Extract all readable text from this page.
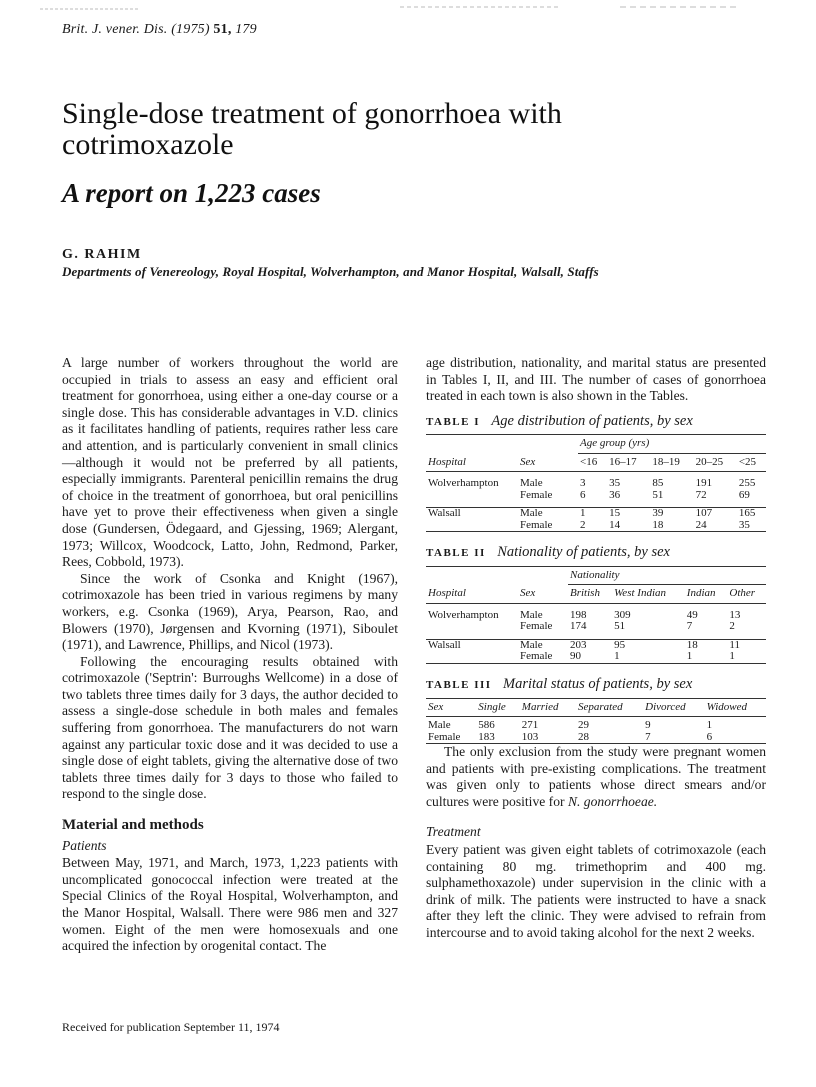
Brit. J. vener. Dis. (1975) 51, 179
Single-dose treatment of gonorrhoea with cotrimoxazole
A report on 1,223 cases
G. RAHIM
Departments of Venereology, Royal Hospital, Wolverhampton, and Manor Hospital, Walsall, Staffs

A large number of workers throughout the world are occupied in trials to assess an easy and efficient oral treatment for gonorrhoea, using either a one-day course or a single dose. This has considerable advantages in V.D. clinics as it facilitates handling of patients, requires rather less care and attention, and is particularly convenient in small clinics—although it would not be preferred by all patients, especially immigrants. Parenteral penicillin remains the drug of choice in the treatment of gonorrhoea, but oral penicillins have yet to prove their effectiveness when given a single dose (Gundersen, Ödegaard, and Gjessing, 1969; Alergant, 1973; Willcox, Woodcock, Latto, John, Redmond, Parker, Rees, Cobbold, 1973).

Since the work of Csonka and Knight (1967), cotrimoxazole has been tried in various regimens by many workers, e.g. Csonka (1969), Arya, Pearson, Rao, and Blowers (1970), Jørgensen and Kvorning (1971), Siboulet (1971), and Lawrence, Phillips, and Nicol (1973).

Following the encouraging results obtained with cotrimoxazole ('Septrin': Burroughs Wellcome) in a dose of two tablets three times daily for 3 days, the author decided to assess a single-dose schedule in both males and females suffering from gonorrhoea. The manufacturers do not warn against any particular toxic dose and it was decided to use a single dose of eight tablets, giving the alternative dose of two tablets three times daily for 3 days to those who failed to respond to the single dose.

Material and methods
Patients

Between May, 1971, and March, 1973, 1,223 patients with uncomplicated gonococcal infection were treated at the Special Clinics of the Royal Hospital, Wolverhampton, and the Manor Hospital, Walsall. There were 986 men and 327 women. Eight of the men were homosexuals and one acquired the infection by orogenital contact. The

Received for publication September 11, 1974

age distribution, nationality, and marital status are presented in Tables I, II, and III. The number of cases of gonorrhoea treated in each town is also shown in the Tables.

TABLE I Age distribution of patients, by sex
Hospital	Sex	Age group (yrs)				
		<16	16–17	18–19	20–25	<25

Wolverhampton	Male	3	35	85	191	255
	Female	6	36	51	72	69

Walsall	Male	1	15	39	107	165
	Female	2	14	18	24	35
TABLE II Nationality of patients, by sex
Hospital	Sex	Nationality			
		British	West Indian	Indian	Other

Wolverhampton	Male	198	309	49	13
	Female	174	51	7	2

Walsall	Male	203	95	18	11
	Female	90	1	1	1
TABLE III Marital status of patients, by sex
Sex	Single	Married	Separated	Divorced	Widowed

Male	586	271	29	9	1
Female	183	103	28	7	6

The only exclusion from the study were pregnant women and patients with pre-existing complications. The treatment was given only to patients whose direct smears and/or cultures were positive for N. gonorrhoeae.

Treatment

Every patient was given eight tablets of cotrimoxazole (each containing 80 mg. trimethoprim and 400 mg. sulphamethoxazole) under supervision in the clinic with a drink of milk. The patients were instructed to have a snack after they left the clinic. They were advised to refrain from intercourse and to avoid taking alcohol for the next 2 weeks.
